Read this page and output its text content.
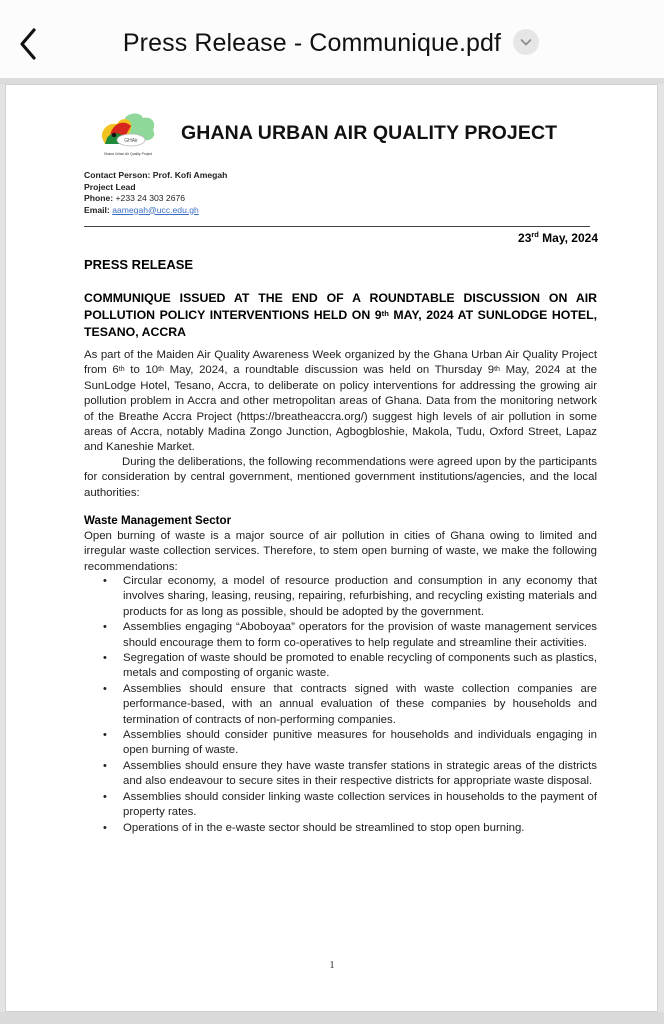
Press Release - Communique.pdf
GHAir
Ghana Urban Air Quality Project
GHANA URBAN AIR QUALITY PROJECT
Contact Person: Prof. Kofi Amegah
Project Lead
Phone: +233 24 303 2676
Email: aamegah@ucc.edu.gh
23rd May, 2024
PRESS RELEASE
COMMUNIQUE ISSUED AT THE END OF A ROUNDTABLE DISCUSSION ON AIR POLLUTION POLICY INTERVENTIONS HELD ON 9th MAY, 2024 AT SUNLODGE HOTEL, TESANO, ACCRA
As part of the Maiden Air Quality Awareness Week organized by the Ghana Urban Air Quality Project from 6th to 10th May, 2024, a roundtable discussion was held on Thursday 9th May, 2024 at the SunLodge Hotel, Tesano, Accra, to deliberate on policy interventions for addressing the growing air pollution problem in Accra and other metropolitan areas of Ghana. Data from the monitoring network of the Breathe Accra Project (https://breatheaccra.org/) suggest high levels of air pollution in some areas of Accra, notably Madina Zongo Junction, Agbogbloshie, Makola, Tudu, Oxford Street, Lapaz and Kaneshie Market.
During the deliberations, the following recommendations were agreed upon by the participants for consideration by central government, mentioned government institutions/agencies, and the local authorities:
Waste Management Sector
Open burning of waste is a major source of air pollution in cities of Ghana owing to limited and irregular waste collection services. Therefore, to stem open burning of waste, we make the following recommendations:
• Circular economy, a model of resource production and consumption in any economy that involves sharing, leasing, reusing, repairing, refurbishing, and recycling existing materials and products for as long as possible, should be adopted by the government.
• Assemblies engaging “Aboboyaa” operators for the provision of waste management services should encourage them to form co-operatives to help regulate and streamline their activities.
• Segregation of waste should be promoted to enable recycling of components such as plastics, metals and composting of organic waste.
• Assemblies should ensure that contracts signed with waste collection companies are performance-based, with an annual evaluation of these companies by households and termination of contracts of non-performing companies.
• Assemblies should consider punitive measures for households and individuals engaging in open burning of waste.
• Assemblies should ensure they have waste transfer stations in strategic areas of the districts and also endeavour to secure sites in their respective districts for appropriate waste disposal.
• Assemblies should consider linking waste collection services in households to the payment of property rates.
• Operations of in the e-waste sector should be streamlined to stop open burning.
1
